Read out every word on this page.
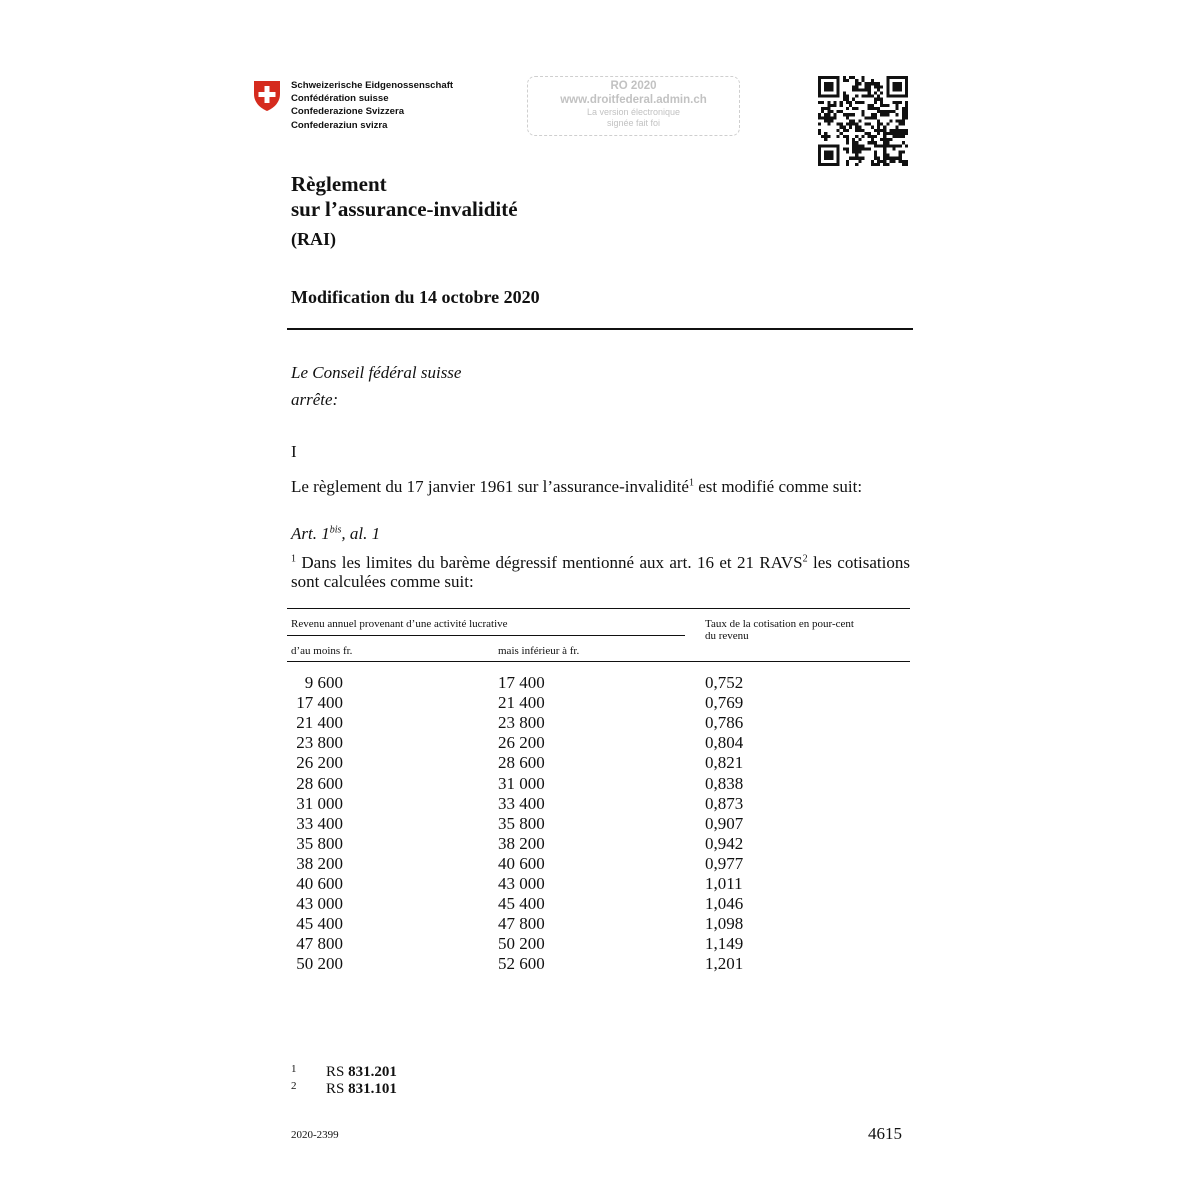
Schweizerische Eidgenossenschaft
Confédération suisse
Confederazione Svizzera
Confederaziun svizra
RO 2020
www.droitfederal.admin.ch
La version électronique
signée fait foi
Règlement
sur l’assurance-invalidité
(RAI)
Modification du 14 octobre 2020
Le Conseil fédéral suisse
arrête:
I
Le règlement du 17 janvier 1961 sur l’assurance-invalidité$^1$ est modifié comme suit:
Art. $1^{bis}$, al. 1
$^1$ Dans les limites du barème dégressif mentionné aux art. 16 et 21 RAVS$^2$ les cotisations sont calculées comme suit:
Revenu annuel provenant d’une activité lucrative
d’au moins fr.	mais inférieur à fr.
Taux de la cotisation en pour-cent
du revenu
9 600	17 400	0,752
17 400	21 400	0,769
21 400	23 800	0,786
23 800	26 200	0,804
26 200	28 600	0,821
28 600	31 000	0,838
31 000	33 400	0,873
33 400	35 800	0,907
35 800	38 200	0,942
38 200	40 600	0,977
40 600	43 000	1,011
43 000	45 400	1,046
45 400	47 800	1,098
47 800	50 200	1,149
50 200	52 600	1,201
1 RS 831.201
2 RS 831.101
2020-2399	4615
